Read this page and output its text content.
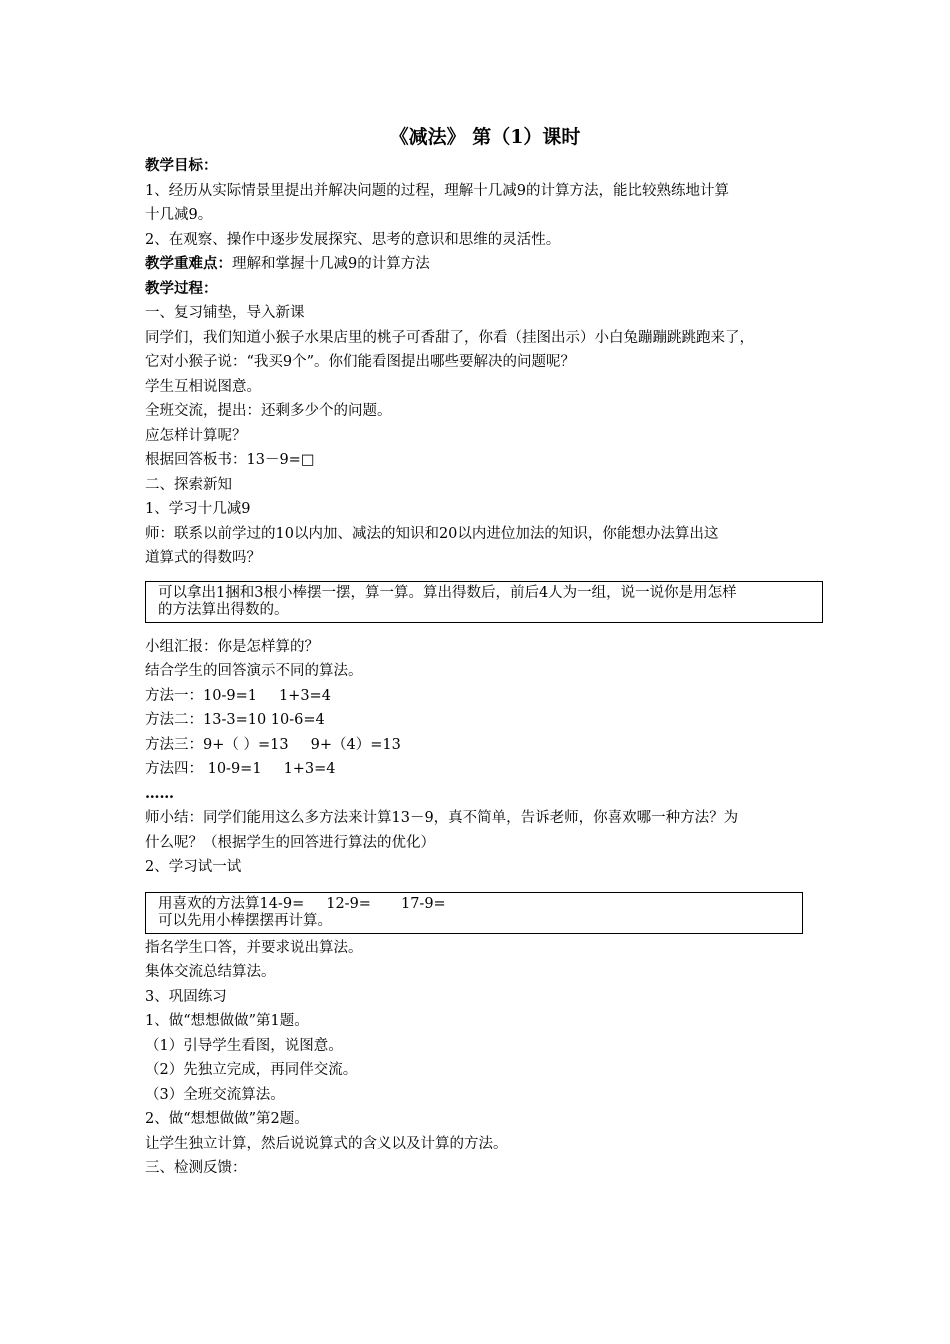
《减法》 第（1）课时
教学目标：
1、经历从实际情景里提出并解决问题的过程，理解十几减9的计算方法，能比较熟练地计算
十几减9。
2、在观察、操作中逐步发展探究、思考的意识和思维的灵活性。
教学重难点：理解和掌握十几减9的计算方法
教学过程：
一、复习铺垫，导入新课
同学们，我们知道小猴子水果店里的桃子可香甜了，你看（挂图出示）小白兔蹦蹦跳跳跑来了，
它对小猴子说：“我买9个”。你们能看图提出哪些要解决的问题呢？
学生互相说图意。
全班交流，提出：还剩多少个的问题。
应怎样计算呢？
根据回答板书：13－9=□
二、探索新知
1、学习十几减9
师：联系以前学过的10以内加、减法的知识和20以内进位加法的知识，你能想办法算出这
道算式的得数吗？
可以拿出1捆和3根小棒摆一摆，算一算。算出得数后，前后4人为一组，说一说你是用怎样
的方法算出得数的。
小组汇报：你是怎样算的？
结合学生的回答演示不同的算法。
方法一：10-9=1 1+3=4
方法二：13-3=10 10-6=4
方法三：9+（ ）=13 9+（4）=13
方法四： 10-9=1 1+3=4
……
师小结：同学们能用这么多方法来计算13－9，真不简单，告诉老师，你喜欢哪一种方法？为
什么呢？（根据学生的回答进行算法的优化）
2、学习试一试
用喜欢的方法算14-9= 12-9= 17-9=
可以先用小棒摆摆再计算。
指名学生口答，并要求说出算法。
集体交流总结算法。
3、巩固练习
1、做“想想做做”第1题。
（1）引导学生看图，说图意。
（2）先独立完成，再同伴交流。
（3）全班交流算法。
2、做“想想做做”第2题。
让学生独立计算，然后说说算式的含义以及计算的方法。
三、检测反馈：
